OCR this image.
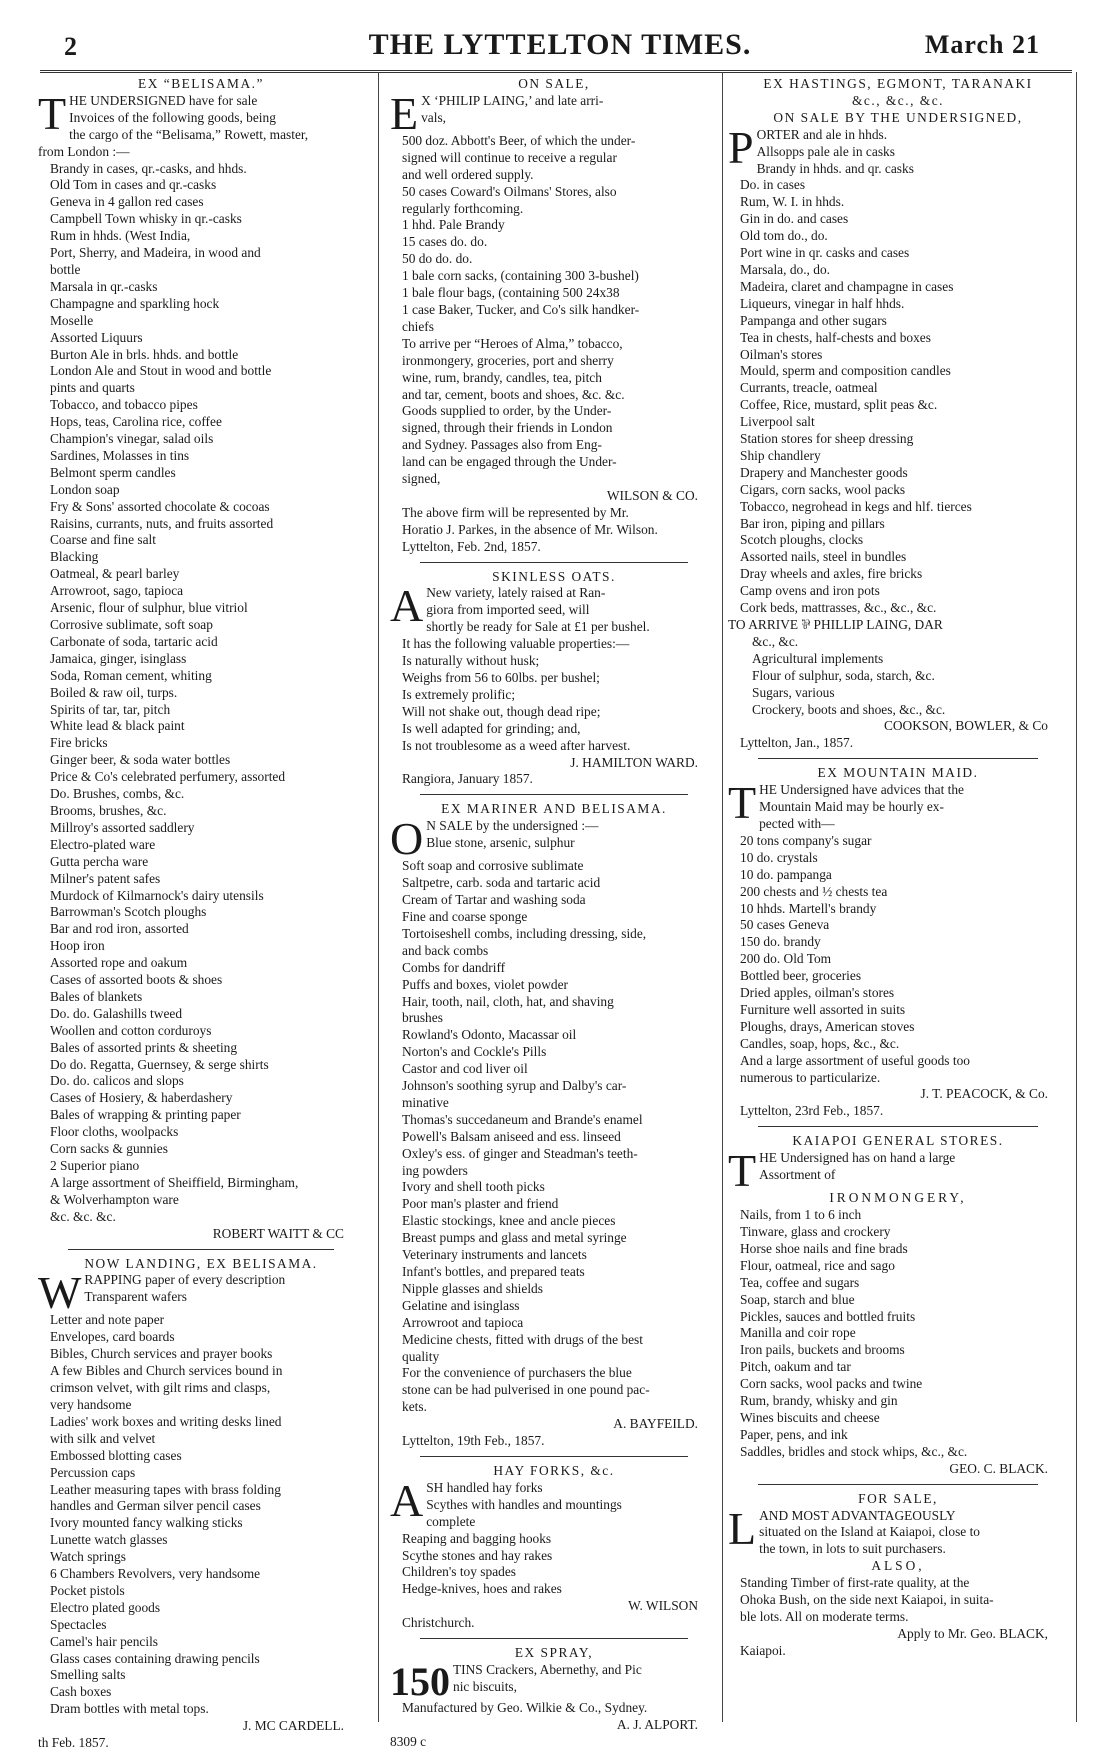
2	THE LYTTELTON TIMES.	March 21
EX “BELISAMA.”
T HE UNDERSIGNED have for sale
Invoices of the following goods, being
the cargo of the “Belisama,” Rowett, master,
from London :—
Brandy in cases, qr.-casks, and hhds.
Old Tom in cases and qr.-casks
Geneva in 4 gallon red cases
Campbell Town whisky in qr.-casks
Rum in hhds. (West India,
Port, Sherry, and Madeira, in wood and
bottle
Marsala in qr.-casks
Champagne and sparkling hock
Moselle
Assorted Liquurs
Burton Ale in brls. hhds. and bottle
London Ale and Stout in wood and bottle
pints and quarts
Tobacco, and tobacco pipes
Hops, teas, Carolina rice, coffee
Champion's vinegar, salad oils
Sardines, Molasses in tins
Belmont sperm candles
London soap
Fry & Sons' assorted chocolate & cocoas
Raisins, currants, nuts, and fruits assorted
Coarse and fine salt
Blacking
Oatmeal, & pearl barley
Arrowroot, sago, tapioca
Arsenic, flour of sulphur, blue vitriol
Corrosive sublimate, soft soap
Carbonate of soda, tartaric acid
Jamaica, ginger, isinglass
Soda, Roman cement, whiting
Boiled & raw oil, turps.
Spirits of tar, tar, pitch
White lead & black paint
Fire bricks
Ginger beer, & soda water bottles
Price & Co's celebrated perfumery, assorted
Do. Brushes, combs, &c.
Brooms, brushes, &c.
Millroy's assorted saddlery
Electro-plated ware
Gutta percha ware
Milner's patent safes
Murdock of Kilmarnock's dairy utensils
Barrowman's Scotch ploughs
Bar and rod iron, assorted
Hoop iron
Assorted rope and oakum
Cases of assorted boots & shoes
Bales of blankets
Do. do. Galashills tweed
Woollen and cotton corduroys
Bales of assorted prints & sheeting
Do do. Regatta, Guernsey, & serge shirts
Do. do. calicos and slops
Cases of Hosiery, & haberdashery
Bales of wrapping & printing paper
Floor cloths, woolpacks
Corn sacks & gunnies
2 Superior piano
A large assortment of Sheiffield, Birmingham,
& Wolverhampton ware
&c. &c. &c.
ROBERT WAITT & CC
NOW LANDING, EX BELISAMA.
W RAPPING paper of every description
Transparent wafers
Letter and note paper
Envelopes, card boards
Bibles, Church services and prayer books
A few Bibles and Church services bound in
crimson velvet, with gilt rims and clasps,
very handsome
Ladies' work boxes and writing desks lined
with silk and velvet
Embossed blotting cases
Percussion caps
Leather measuring tapes with brass folding
handles and German silver pencil cases
Ivory mounted fancy walking sticks
Lunette watch glasses
Watch springs
6 Chambers Revolvers, very handsome
Pocket pistols
Electro plated goods
Spectacles
Camel's hair pencils
Glass cases containing drawing pencils
Smelling salts
Cash boxes
Dram bottles with metal tops.
J. MC CARDELL.
th Feb. 1857.
ON SALE,
E X ‘PHILIP LAING,’ and late arri-
vals,
500 doz. Abbott's Beer, of which the under-
signed will continue to receive a regular
and well ordered supply.
50 cases Coward's Oilmans' Stores, also
regularly forthcoming.
1 hhd. Pale Brandy
15 cases do. do.
50 do do. do.
1 bale corn sacks, (containing 300 3-bushel)
1 bale flour bags, (containing 500 24x38
1 case Baker, Tucker, and Co's silk handker-
chiefs
To arrive per “Heroes of Alma,” tobacco,
ironmongery, groceries, port and sherry
wine, rum, brandy, candles, tea, pitch
and tar, cement, boots and shoes, &c. &c.
Goods supplied to order, by the Under-
signed, through their friends in London
and Sydney. Passages also from Eng-
land can be engaged through the Under-
signed,
WILSON & CO.
The above firm will be represented by Mr.
Horatio J. Parkes, in the absence of Mr. Wilson.
Lyttelton, Feb. 2nd, 1857.
SKINLESS OATS.
A New variety, lately raised at Ran-
giora from imported seed, will
shortly be ready for Sale at £1 per bushel.
It has the following valuable properties:—
Is naturally without husk;
Weighs from 56 to 60lbs. per bushel;
Is extremely prolific;
Will not shake out, though dead ripe;
Is well adapted for grinding; and,
Is not troublesome as a weed after harvest.
J. HAMILTON WARD.
Rangiora, January 1857.
EX MARINER AND BELISAMA.
O N SALE by the undersigned :—
Blue stone, arsenic, sulphur
Soft soap and corrosive sublimate
Saltpetre, carb. soda and tartaric acid
Cream of Tartar and washing soda
Fine and coarse sponge
Tortoiseshell combs, including dressing, side,
and back combs
Combs for dandriff
Puffs and boxes, violet powder
Hair, tooth, nail, cloth, hat, and shaving
brushes
Rowland's Odonto, Macassar oil
Norton's and Cockle's Pills
Castor and cod liver oil
Johnson's soothing syrup and Dalby's car-
minative
Thomas's succedaneum and Brande's enamel
Powell's Balsam aniseed and ess. linseed
Oxley's ess. of ginger and Steadman's teeth-
ing powders
Ivory and shell tooth picks
Poor man's plaster and friend
Elastic stockings, knee and ancle pieces
Breast pumps and glass and metal syringe
Veterinary instruments and lancets
Infant's bottles, and prepared teats
Nipple glasses and shields
Gelatine and isinglass
Arrowroot and tapioca
Medicine chests, fitted with drugs of the best
quality
For the convenience of purchasers the blue
stone can be had pulverised in one pound pac-
kets.
A. BAYFEILD.
Lyttelton, 19th Feb., 1857.
HAY FORKS, &c.
A SH handled hay forks
Scythes with handles and mountings
complete
Reaping and bagging hooks
Scythe stones and hay rakes
Children's toy spades
Hedge-knives, hoes and rakes
W. WILSON
Christchurch.
EX SPRAY,
150 TINS Crackers, Abernethy, and Pic
nic biscuits,
Manufactured by Geo. Wilkie & Co., Sydney.
A. J. ALPORT.
8309 c
EX HASTINGS, EGMONT, TARANAKI
&c., &c., &c.
ON SALE BY THE UNDERSIGNED,
P ORTER and ale in hhds.
Allsopps pale ale in casks
Brandy in hhds. and qr. casks
Do. in cases
Rum, W. I. in hhds.
Gin in do. and cases
Old tom do., do.
Port wine in qr. casks and cases
Marsala, do., do.
Madeira, claret and champagne in cases
Liqueurs, vinegar in half hhds.
Pampanga and other sugars
Tea in chests, half-chests and boxes
Oilman's stores
Mould, sperm and composition candles
Currants, treacle, oatmeal
Coffee, Rice, mustard, split peas &c.
Liverpool salt
Station stores for sheep dressing
Ship chandlery
Drapery and Manchester goods
Cigars, corn sacks, wool packs
Tobacco, negrohead in kegs and hlf. tierces
Bar iron, piping and pillars
Scotch ploughs, clocks
Assorted nails, steel in bundles
Dray wheels and axles, fire bricks
Camp ovens and iron pots
Cork beds, mattrasses, &c., &c., &c.
TO ARRIVE ⅌ PHILLIP LAING, DAR
&c., &c.
Agricultural implements
Flour of sulphur, soda, starch, &c.
Sugars, various
Crockery, boots and shoes, &c., &c.
COOKSON, BOWLER, & Co
Lyttelton, Jan., 1857.
EX MOUNTAIN MAID.
T HE Undersigned have advices that the
Mountain Maid may be hourly ex-
pected with—
20 tons company's sugar
10 do. crystals
10 do. pampanga
200 chests and ½ chests tea
10 hhds. Martell's brandy
50 cases Geneva
150 do. brandy
200 do. Old Tom
Bottled beer, groceries
Dried apples, oilman's stores
Furniture well assorted in suits
Ploughs, drays, American stoves
Candles, soap, hops, &c., &c.
And a large assortment of useful goods too
numerous to particularize.
J. T. PEACOCK, & Co.
Lyttelton, 23rd Feb., 1857.
KAIAPOI GENERAL STORES.
T HE Undersigned has on hand a large
Assortment of
IRONMONGERY,
Nails, from 1 to 6 inch
Tinware, glass and crockery
Horse shoe nails and fine brads
Flour, oatmeal, rice and sago
Tea, coffee and sugars
Soap, starch and blue
Pickles, sauces and bottled fruits
Manilla and coir rope
Iron pails, buckets and brooms
Pitch, oakum and tar
Corn sacks, wool packs and twine
Rum, brandy, whisky and gin
Wines biscuits and cheese
Paper, pens, and ink
Saddles, bridles and stock whips, &c., &c.
GEO. C. BLACK.
FOR SALE,
L AND MOST ADVANTAGEOUSLY
situated on the Island at Kaiapoi, close to
the town, in lots to suit purchasers.
ALSO,
Standing Timber of first-rate quality, at the
Ohoka Bush, on the side next Kaiapoi, in suita-
ble lots. All on moderate terms.
Apply to Mr. Geo. BLACK,
Kaiapoi.
